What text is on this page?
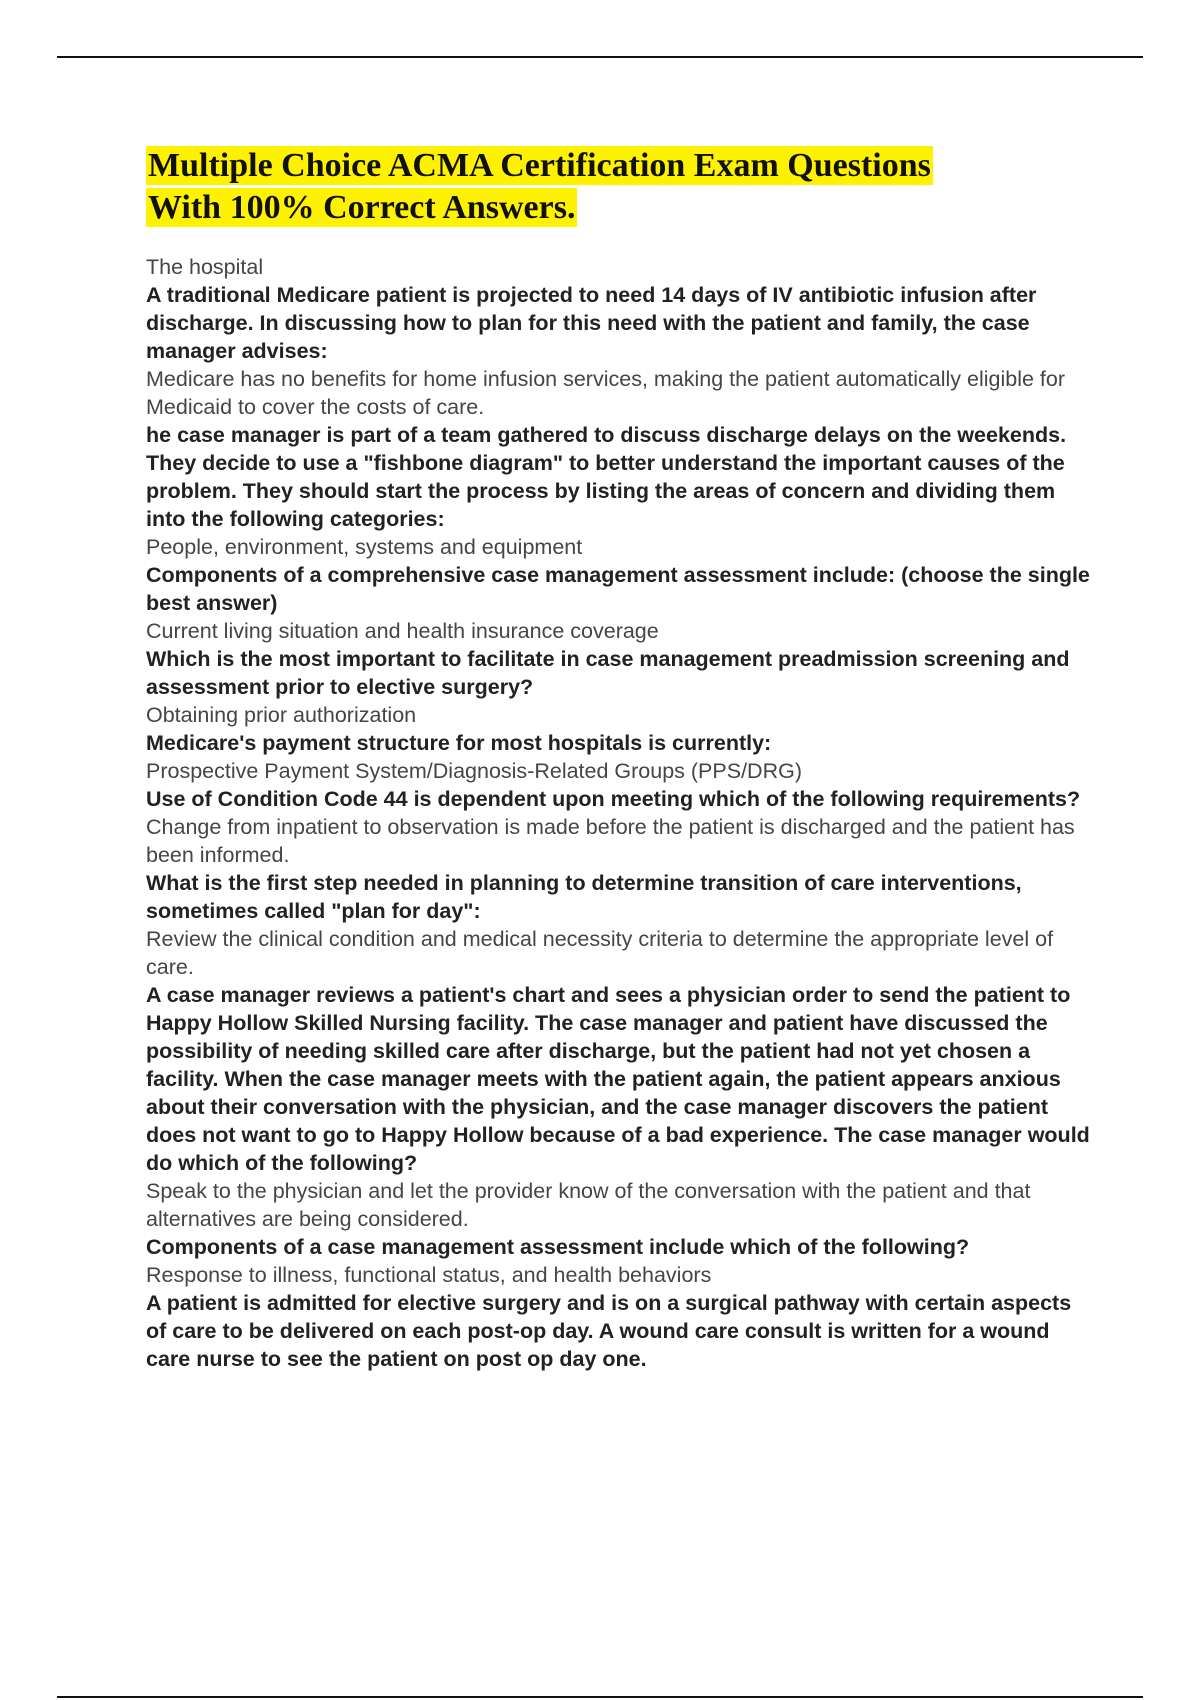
Multiple Choice ACMA Certification Exam Questions
With 100% Correct Answers.

The hospital

A traditional Medicare patient is projected to need 14 days of IV antibiotic infusion after discharge. In discussing how to plan for this need with the patient and family, the case manager advises:

Medicare has no benefits for home infusion services, making the patient automatically eligible for Medicaid to cover the costs of care.

he case manager is part of a team gathered to discuss discharge delays on the weekends. They decide to use a "fishbone diagram" to better understand the important causes of the problem. They should start the process by listing the areas of concern and dividing them into the following categories:

People, environment, systems and equipment

Components of a comprehensive case management assessment include: (choose the single best answer)

Current living situation and health insurance coverage

Which is the most important to facilitate in case management preadmission screening and assessment prior to elective surgery?

Obtaining prior authorization

Medicare's payment structure for most hospitals is currently:

Prospective Payment System/Diagnosis-Related Groups (PPS/DRG)

Use of Condition Code 44 is dependent upon meeting which of the following requirements?

Change from inpatient to observation is made before the patient is discharged and the patient has been informed.

What is the first step needed in planning to determine transition of care interventions, sometimes called "plan for day":

Review the clinical condition and medical necessity criteria to determine the appropriate level of care.

A case manager reviews a patient's chart and sees a physician order to send the patient to Happy Hollow Skilled Nursing facility. The case manager and patient have discussed the possibility of needing skilled care after discharge, but the patient had not yet chosen a facility. When the case manager meets with the patient again, the patient appears anxious about their conversation with the physician, and the case manager discovers the patient does not want to go to Happy Hollow because of a bad experience. The case manager would do which of the following?

Speak to the physician and let the provider know of the conversation with the patient and that alternatives are being considered.

Components of a case management assessment include which of the following?

Response to illness, functional status, and health behaviors

A patient is admitted for elective surgery and is on a surgical pathway with certain aspects of care to be delivered on each post-op day. A wound care consult is written for a wound care nurse to see the patient on post op day one.
